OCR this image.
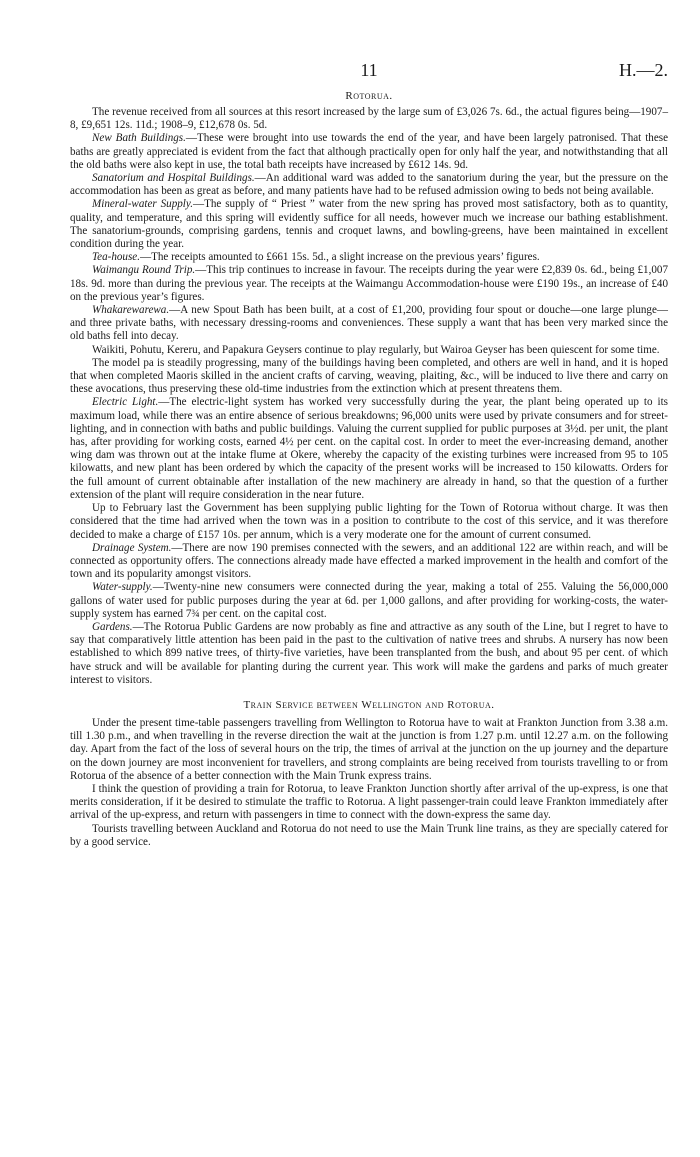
11	H.—2.
Rotorua.

The revenue received from all sources at this resort increased by the large sum of £3,026 7s. 6d., the actual figures being—1907–8, £9,651 12s. 11d.; 1908–9, £12,678 0s. 5d.

New Bath Buildings.—These were brought into use towards the end of the year, and have been largely patronised. That these baths are greatly appreciated is evident from the fact that although practically open for only half the year, and notwithstanding that all the old baths were also kept in use, the total bath receipts have increased by £612 14s. 9d.

Sanatorium and Hospital Buildings.—An additional ward was added to the sanatorium during the year, but the pressure on the accommodation has been as great as before, and many patients have had to be refused admission owing to beds not being available.

Mineral-water Supply.—The supply of “ Priest ” water from the new spring has proved most satisfactory, both as to quantity, quality, and temperature, and this spring will evidently suffice for all needs, however much we increase our bathing establishment. The sanatorium-grounds, comprising gardens, tennis and croquet lawns, and bowling-greens, have been maintained in excellent condition during the year.

Tea-house.—The receipts amounted to £661 15s. 5d., a slight increase on the previous years’ figures.

Waimangu Round Trip.—This trip continues to increase in favour. The receipts during the year were £2,839 0s. 6d., being £1,007 18s. 9d. more than during the previous year. The receipts at the Waimangu Accommodation-house were £190 19s., an increase of £40 on the previous year’s figures.

Whakarewarewa.—A new Spout Bath has been built, at a cost of £1,200, providing four spout or douche—one large plunge—and three private baths, with necessary dressing-rooms and conveniences. These supply a want that has been very marked since the old baths fell into decay.

Waikiti, Pohutu, Kereru, and Papakura Geysers continue to play regularly, but Wairoa Geyser has been quiescent for some time.

The model pa is steadily progressing, many of the buildings having been completed, and others are well in hand, and it is hoped that when completed Maoris skilled in the ancient crafts of carving, weaving, plaiting, &c., will be induced to live there and carry on these avocations, thus preserving these old-time industries from the extinction which at present threatens them.

Electric Light.—The electric-light system has worked very successfully during the year, the plant being operated up to its maximum load, while there was an entire absence of serious breakdowns; 96,000 units were used by private consumers and for street-lighting, and in connection with baths and public buildings. Valuing the current supplied for public purposes at 3½d. per unit, the plant has, after providing for working costs, earned 4½ per cent. on the capital cost. In order to meet the ever-increasing demand, another wing dam was thrown out at the intake flume at Okere, whereby the capacity of the existing turbines were increased from 95 to 105 kilowatts, and new plant has been ordered by which the capacity of the present works will be increased to 150 kilowatts. Orders for the full amount of current obtainable after installation of the new machinery are already in hand, so that the question of a further extension of the plant will require consideration in the near future.

Up to February last the Government has been supplying public lighting for the Town of Rotorua without charge. It was then considered that the time had arrived when the town was in a position to contribute to the cost of this service, and it was therefore decided to make a charge of £157 10s. per annum, which is a very moderate one for the amount of current consumed.

Drainage System.—There are now 190 premises connected with the sewers, and an additional 122 are within reach, and will be connected as opportunity offers. The connections already made have effected a marked improvement in the health and comfort of the town and its popularity amongst visitors.

Water-supply.—Twenty-nine new consumers were connected during the year, making a total of 255. Valuing the 56,000,000 gallons of water used for public purposes during the year at 6d. per 1,000 gallons, and after providing for working-costs, the water-supply system has earned 7¾ per cent. on the capital cost.

Gardens.—The Rotorua Public Gardens are now probably as fine and attractive as any south of the Line, but I regret to have to say that comparatively little attention has been paid in the past to the cultivation of native trees and shrubs. A nursery has now been established to which 899 native trees, of thirty-five varieties, have been transplanted from the bush, and about 95 per cent. of which have struck and will be available for planting during the current year. This work will make the gardens and parks of much greater interest to visitors.

Train Service between Wellington and Rotorua.

Under the present time-table passengers travelling from Wellington to Rotorua have to wait at Frankton Junction from 3.38 a.m. till 1.30 p.m., and when travelling in the reverse direction the wait at the junction is from 1.27 p.m. until 12.27 a.m. on the following day. Apart from the fact of the loss of several hours on the trip, the times of arrival at the junction on the up journey and the departure on the down journey are most inconvenient for travellers, and strong complaints are being received from tourists travelling to or from Rotorua of the absence of a better connection with the Main Trunk express trains.

I think the question of providing a train for Rotorua, to leave Frankton Junction shortly after arrival of the up-express, is one that merits consideration, if it be desired to stimulate the traffic to Rotorua. A light passenger-train could leave Frankton immediately after arrival of the up-express, and return with passengers in time to connect with the down-express the same day.

Tourists travelling between Auckland and Rotorua do not need to use the Main Trunk line trains, as they are specially catered for by a good service.
